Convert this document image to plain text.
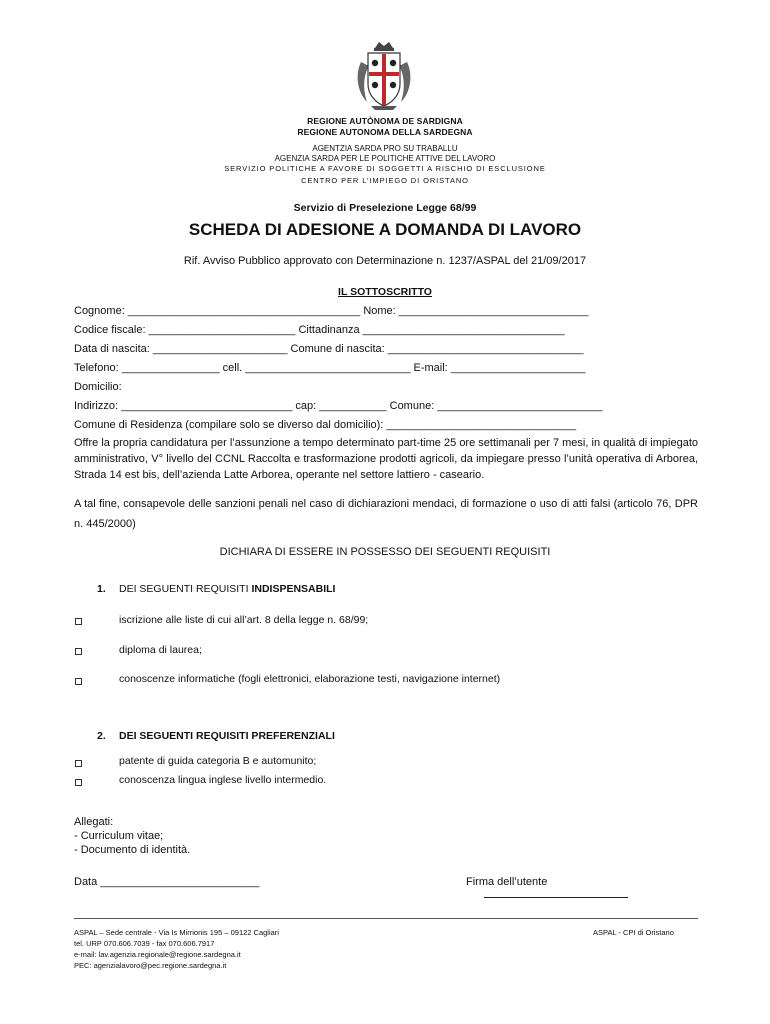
REGIONE AUTÒNOMA DE SARDIGNA
REGIONE AUTONOMA DELLA SARDEGNA
AGENTZIA SARDA PRO SU TRABALLU
AGENZIA SARDA PER LE POLITICHE ATTIVE DEL LAVORO
SERVIZIO POLITICHE A FAVORE DI SOGGETTI A RISCHIO DI ESCLUSIONE
CENTRO PER L’IMPIEGO DI ORISTANO
Servizio di Preselezione Legge 68/99
SCHEDA DI ADESIONE A DOMANDA DI LAVORO
Rif. Avviso Pubblico approvato con Determinazione n. 1237/ASPAL del 21/09/2017
IL SOTTOSCRITTO
Cognome: ______________________________________ Nome: _______________________________
Codice fiscale: ________________________ Cittadinanza _________________________________
Data di nascita: ______________________ Comune di nascita: ________________________________
Telefono: ________________ cell. ___________________________ E-mail: ______________________
Domicilio:
Indirizzo: ____________________________ cap: ___________ Comune: ___________________________
Comune di Residenza (compilare solo se diverso dal domicilio): _______________________________
Offre la propria candidatura per l’assunzione a tempo determinato part-time 25 ore settimanali per 7 mesi, in qualità di impiegato amministrativo, V° livello del CCNL Raccolta e trasformazione prodotti agricoli, da impiegare presso l’unità operativa di Arborea, Strada 14 est bis, dell’azienda Latte Arborea, operante nel settore lattiero - caseario.
A tal fine, consapevole delle sanzioni penali nel caso di dichiarazioni mendaci, di formazione o uso di atti falsi (articolo 76, DPR n. 445/2000)
DICHIARA DI ESSERE IN POSSESSO DEI SEGUENTI REQUISITI
1. DEI SEGUENTI REQUISITI INDISPENSABILI
iscrizione alle liste di cui all’art. 8 della legge n. 68/99;
diploma di laurea;
conoscenze informatiche (fogli elettronici, elaborazione testi, navigazione internet)
2. DEI SEGUENTI REQUISITI PREFERENZIALI
patente di guida categoria B e automunito;
conoscenza lingua inglese livello intermedio.
Allegati:
- Curriculum vitae;
- Documento di identità.
Data __________________________	Firma dell’utente
ASPAL – Sede centrale - Via Is Mirrionis 195 – 09122 Cagliari
tel. URP 070.606.7039 - fax 070.606.7917
e-mail: lav.agenzia.regionale@regione.sardegna.it
PEC: agenzialavoro@pec.regione.sardegna.it
ASPAL - CPI di Oristano
